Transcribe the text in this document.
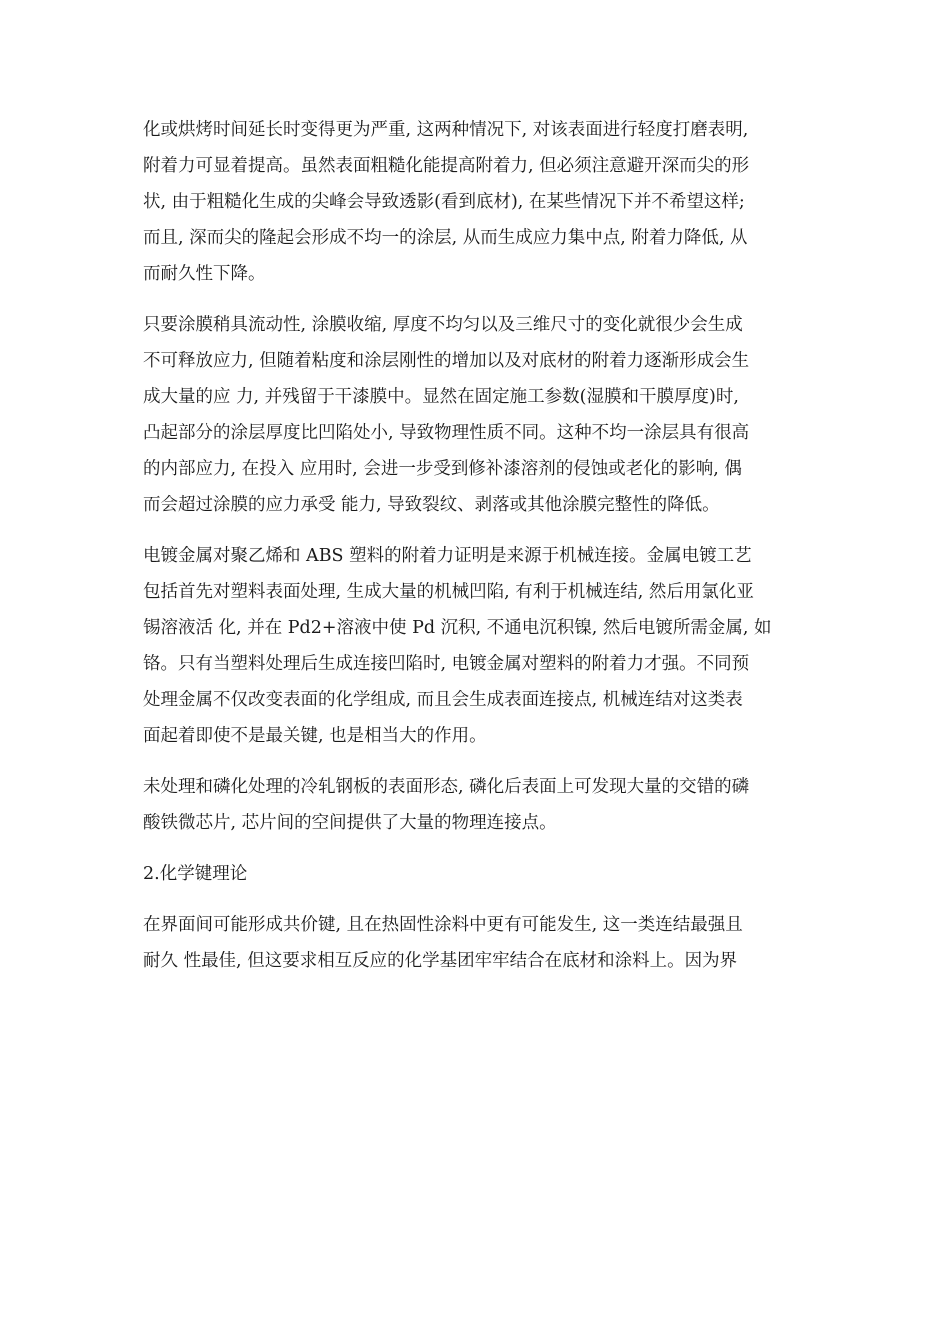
化或烘烤时间延长时变得更为严重, 这两种情况下, 对该表面进行轻度打磨表明,
附着力可显着提高。虽然表面粗糙化能提高附着力, 但必须注意避开深而尖的形
状, 由于粗糙化生成的尖峰会导致透影(看到底材), 在某些情况下并不希望这样;
而且, 深而尖的隆起会形成不均一的涂层, 从而生成应力集中点, 附着力降低, 从
而耐久性下降。
只要涂膜稍具流动性, 涂膜收缩, 厚度不均匀以及三维尺寸的变化就很少会生成
不可释放应力, 但随着粘度和涂层刚性的增加以及对底材的附着力逐渐形成会生
成大量的应 力, 并残留于干漆膜中。显然在固定施工参数(湿膜和干膜厚度)时,
凸起部分的涂层厚度比凹陷处小, 导致物理性质不同。这种不均一涂层具有很高
的内部应力, 在投入 应用时, 会进一步受到修补漆溶剂的侵蚀或老化的影响, 偶
而会超过涂膜的应力承受 能力, 导致裂纹、剥落或其他涂膜完整性的降低。
电镀金属对聚乙烯和 ABS 塑料的附着力证明是来源于机械连接。金属电镀工艺
包括首先对塑料表面处理, 生成大量的机械凹陷, 有利于机械连结, 然后用氯化亚
锡溶液活 化, 并在 Pd2+溶液中使 Pd 沉积, 不通电沉积镍, 然后电镀所需金属, 如
铬。只有当塑料处理后生成连接凹陷时, 电镀金属对塑料的附着力才强。不同预
处理金属不仅改变表面的化学组成, 而且会生成表面连接点, 机械连结对这类表
面起着即使不是最关键, 也是相当大的作用。
未处理和磷化处理的冷轧钢板的表面形态, 磷化后表面上可发现大量的交错的磷
酸铁微芯片, 芯片间的空间提供了大量的物理连接点。
2.化学键理论
在界面间可能形成共价键, 且在热固性涂料中更有可能发生, 这一类连结最强且
耐久 性最佳, 但这要求相互反应的化学基团牢牢结合在底材和涂料上。因为界
